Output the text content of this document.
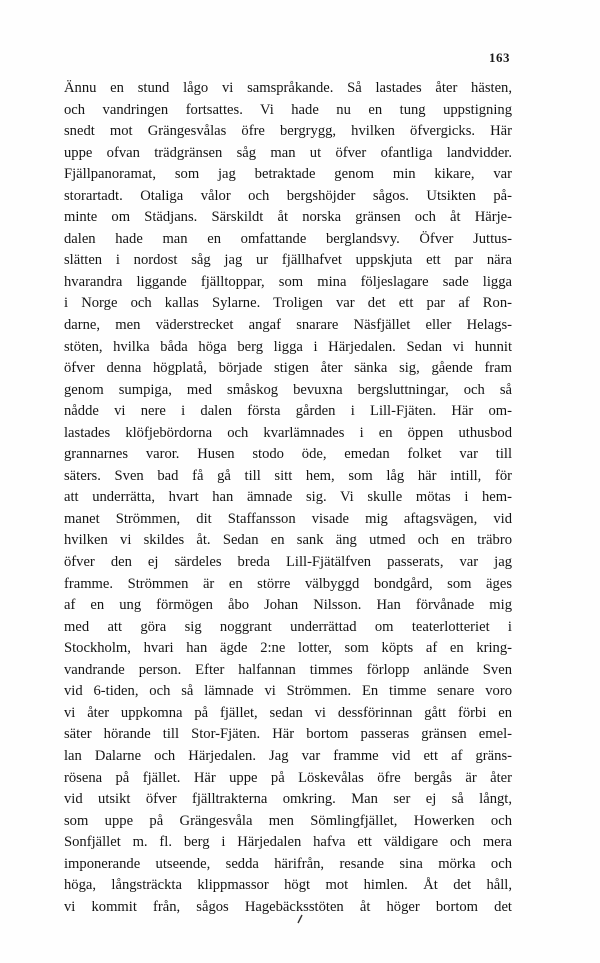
163
Ännu en stund lågo vi samspråkande. Så lastades åter hästen,
och vandringen fortsattes. Vi hade nu en tung uppstigning
snedt mot Grängesvålas öfre bergrygg, hvilken öfvergicks. Här
uppe ofvan trädgränsen såg man ut öfver ofantliga landvidder.
Fjällpanoramat, som jag betraktade genom min kikare, var
storartadt. Otaliga vålor och bergshöjder sågos. Utsikten på-
minte om Städjans. Särskildt åt norska gränsen och åt Härje-
dalen hade man en omfattande berglandsvy. Öfver Juttus-
slätten i nordost såg jag ur fjällhafvet uppskjuta ett par nära
hvarandra liggande fjälltoppar, som mina följeslagare sade ligga
i Norge och kallas Sylarne. Troligen var det ett par af Ron-
darne, men väderstrecket angaf snarare Näsfjället eller Helags-
stöten, hvilka båda höga berg ligga i Härjedalen. Sedan vi hunnit
öfver denna högplatå, började stigen åter sänka sig, gående fram
genom sumpiga, med småskog bevuxna bergsluttningar, och så
nådde vi nere i dalen första gården i Lill-Fjäten. Här om-
lastades klöfjebördorna och kvarlämnades i en öppen uthusbod
grannarnes varor. Husen stodo öde, emedan folket var till
säters. Sven bad få gå till sitt hem, som låg här intill, för
att underrätta, hvart han ämnade sig. Vi skulle mötas i hem-
manet Strömmen, dit Staffansson visade mig aftagsvägen, vid
hvilken vi skildes åt. Sedan en sank äng utmed och en träbro
öfver den ej särdeles breda Lill-Fjätälfven passerats, var jag
framme. Strömmen är en större välbyggd bondgård, som äges
af en ung förmögen åbo Johan Nilsson. Han förvånade mig
med att göra sig noggrant underrättad om teaterlotteriet i
Stockholm, hvari han ägde 2:ne lotter, som köpts af en kring-
vandrande person. Efter halfannan timmes förlopp anlände Sven
vid 6-tiden, och så lämnade vi Strömmen. En timme senare voro
vi åter uppkomna på fjället, sedan vi dessförinnan gått förbi en
säter hörande till Stor-Fjäten. Här bortom passeras gränsen emel-
lan Dalarne och Härjedalen. Jag var framme vid ett af gräns-
rösena på fjället. Här uppe på Löskevålas öfre bergås är åter
vid utsikt öfver fjälltrakterna omkring. Man ser ej så långt,
som uppe på Grängesvåla men Sömlingfjället, Howerken och
Sonfjället m. fl. berg i Härjedalen hafva ett väldigare och mera
imponerande utseende, sedda härifrån, resande sina mörka och
höga, långsträckta klippmassor högt mot himlen. Åt det håll,
vi kommit från, sågos Hagebäcksstöten åt höger bortom det
